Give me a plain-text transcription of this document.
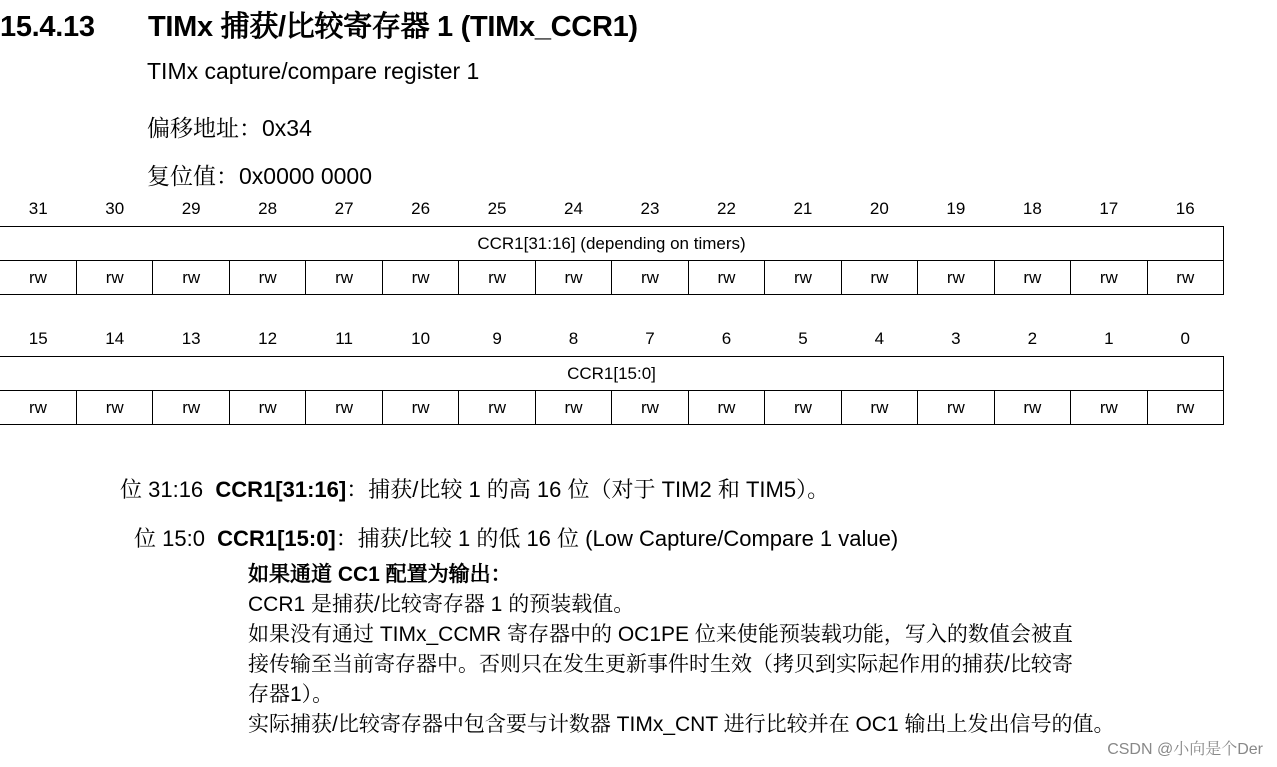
15.4.13 TIMx 捕获/比较寄存器 1 (TIMx_CCR1)
TIMx capture/compare register 1
偏移地址：0x34
复位值：0x0000 0000
31	30	29	28	27	26	25	24	23	22	21	20	19	18	17	16
CCR1[31:16] (depending on timers)															
rw	rw	rw	rw	rw	rw	rw	rw	rw	rw	rw	rw	rw	rw	rw	rw
15	14	13	12	11	10	9	8	7	6	5	4	3	2	1	0
CCR1[15:0]															
rw	rw	rw	rw	rw	rw	rw	rw	rw	rw	rw	rw	rw	rw	rw	rw
位 31:16 CCR1[31:16]：捕获/比较 1 的高 16 位（对于 TIM2 和 TIM5）。
位 15:0 CCR1[15:0]：捕获/比较 1 的低 16 位 (Low Capture/Compare 1 value)
如果通道 CC1 配置为输出：
CCR1 是捕获/比较寄存器 1 的预装载值。
如果没有通过 TIMx_CCMR 寄存器中的 OC1PE 位来使能预装载功能，写入的数值会被直
接传输至当前寄存器中。否则只在发生更新事件时生效（拷贝到实际起作用的捕获/比较寄
存器1）。
实际捕获/比较寄存器中包含要与计数器 TIMx_CNT 进行比较并在 OC1 输出上发出信号的值。
CSDN @小向是个Der
